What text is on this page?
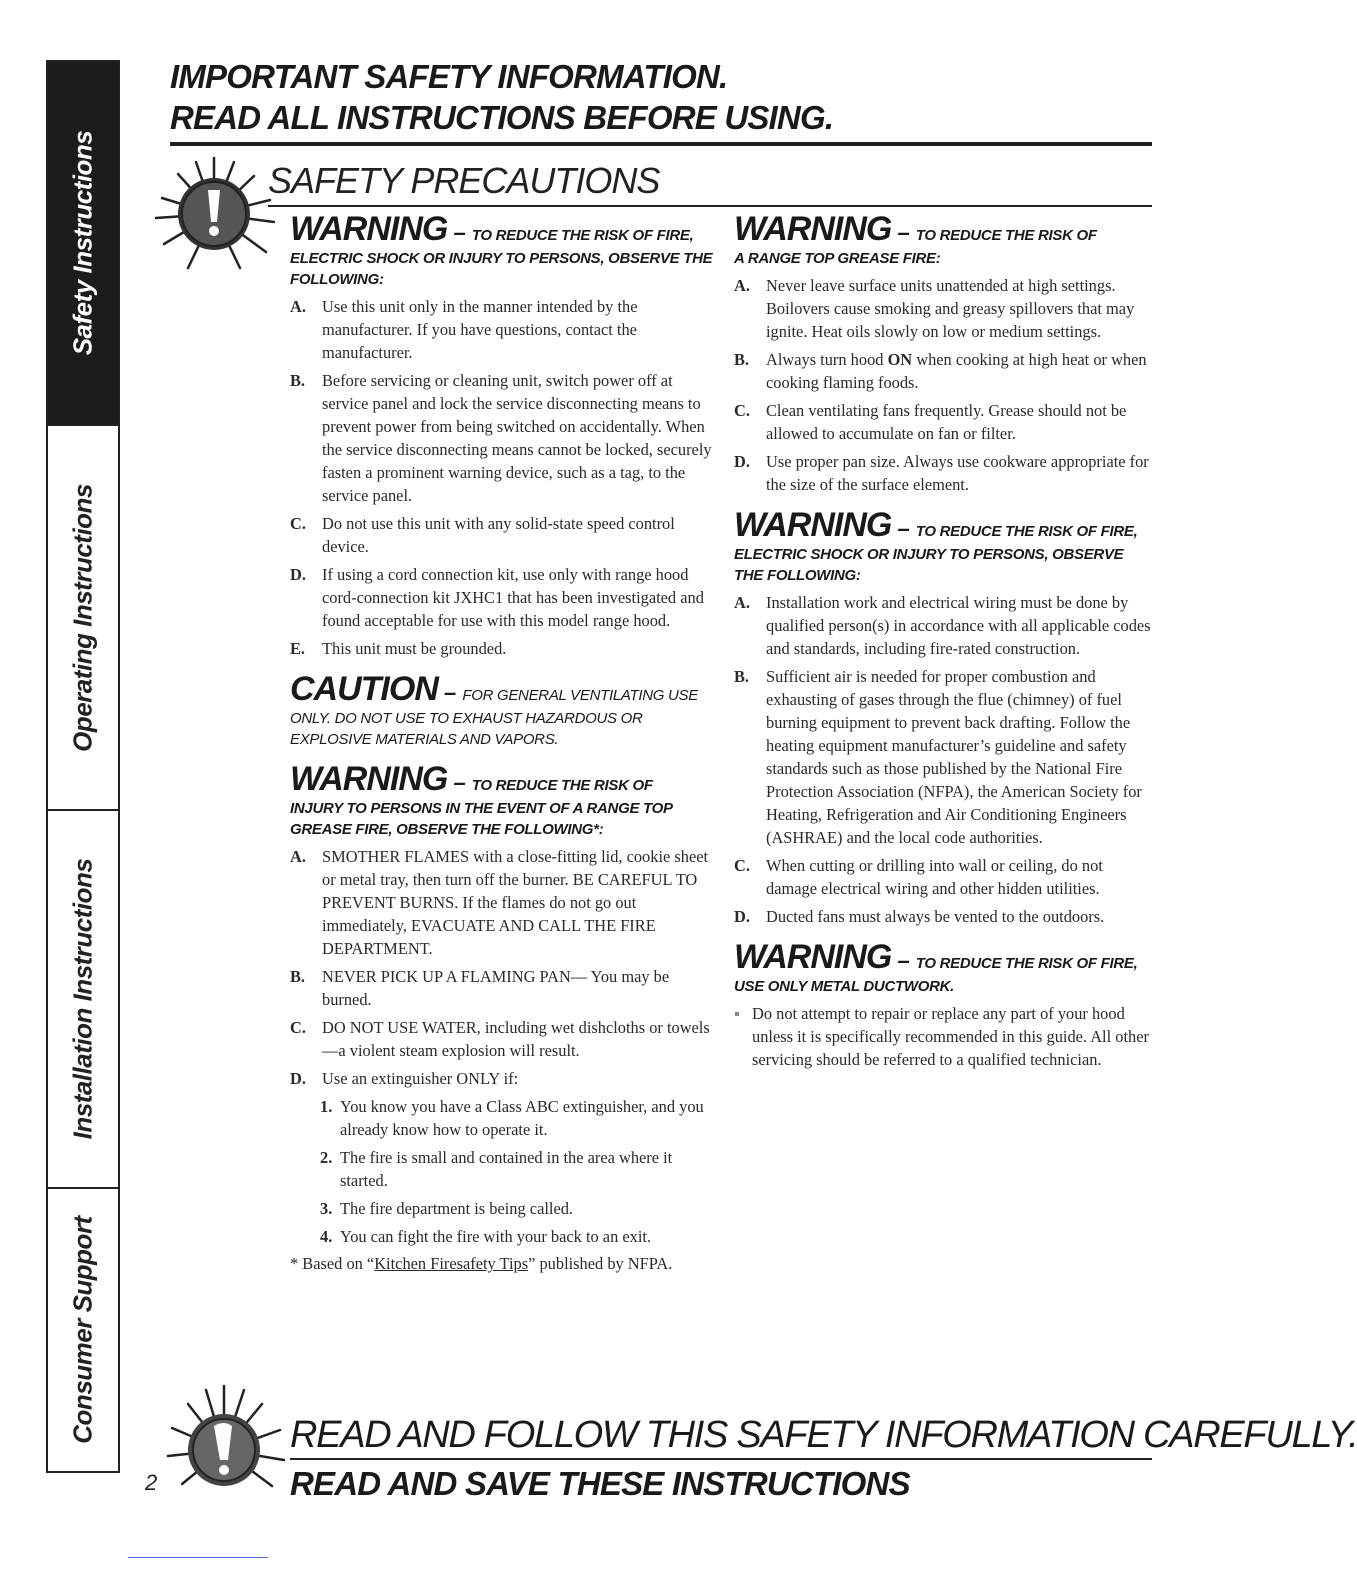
Safety Instructions
Operating Instructions
Installation Instructions
Consumer Support
IMPORTANT SAFETY INFORMATION.
READ ALL INSTRUCTIONS BEFORE USING.
SAFETY PRECAUTIONS
WARNING – TO REDUCE THE RISK OF FIRE,
ELECTRIC SHOCK OR INJURY TO PERSONS, OBSERVE THE FOLLOWING:
A. Use this unit only in the manner intended by the manufacturer. If you have questions, contact the manufacturer.
B.	Before servicing or cleaning unit, switch power off at service panel and lock the service disconnecting means to prevent power from being switched on accidentally. When the service disconnecting means cannot be locked, securely fasten a prominent warning device, such as a tag, to the service panel.
C. Do not use this unit with any solid-state speed control device.
D. If using a cord connection kit, use only with range hood cord-connection kit JXHC1 that has been investigated and found acceptable for use with this model range hood.
E.	This unit must be grounded.
CAUTION – FOR GENERAL VENTILATING USE
ONLY. DO NOT USE TO EXHAUST HAZARDOUS OR EXPLOSIVE MATERIALS AND VAPORS.
WARNING – TO REDUCE THE RISK OF
INJURY TO PERSONS IN THE EVENT OF A RANGE TOP GREASE FIRE, OBSERVE THE FOLLOWING*:
A. SMOTHER FLAMES with a close-fitting lid, cookie sheet or metal tray, then turn off the burner. BE CAREFUL TO PREVENT BURNS. If the flames do not go out immediately, EVACUATE AND CALL THE FIRE DEPARTMENT.
B.	NEVER PICK UP A FLAMING PAN— You may be burned.
C. DO NOT USE WATER, including wet dishcloths or towels—a violent steam explosion will result.
D. Use an extinguisher ONLY if:
1. You know you have a Class ABC extinguisher, and you already know how to operate it.
2. The fire is small and contained in the area where it started.
3. The fire department is being called.
4. You can fight the fire with your back to an exit.
* Based on “Kitchen Firesafety Tips” published by NFPA.
WARNING – TO REDUCE THE RISK OF
A RANGE TOP GREASE FIRE:
A. Never leave surface units unattended at high settings. Boilovers cause smoking and greasy spillovers that may ignite. Heat oils slowly on low or medium settings.
B.	Always turn hood ON when cooking at high heat or when cooking flaming foods.
C. Clean ventilating fans frequently. Grease should not be allowed to accumulate on fan or filter.
D. Use proper pan size. Always use cookware appropriate for the size of the surface element.
WARNING – TO REDUCE THE RISK OF FIRE,
ELECTRIC SHOCK OR INJURY TO PERSONS, OBSERVE THE FOLLOWING:
A. Installation work and electrical wiring must be done by qualified person(s) in accordance with all applicable codes and standards, including fire-rated construction.
B.	Sufficient air is needed for proper combustion and exhausting of gases through the flue (chimney) of fuel burning equipment to prevent back drafting. Follow the heating equipment manufacturer’s guideline and safety standards such as those published by the National Fire Protection Association (NFPA), the American Society for Heating, Refrigeration and Air Conditioning Engineers (ASHRAE) and the local code authorities.
C. When cutting or drilling into wall or ceiling, do not damage electrical wiring and other hidden utilities.
D. Ducted fans must always be vented to the outdoors.
WARNING – TO REDUCE THE RISK OF FIRE,
USE ONLY METAL DUCTWORK.
▪ Do not attempt to repair or replace any part of your hood unless it is specifically recommended in this guide. All other servicing should be referred to a qualified technician.
READ AND FOLLOW THIS SAFETY INFORMATION CAREFULLY.
READ AND SAVE THESE INSTRUCTIONS
2
